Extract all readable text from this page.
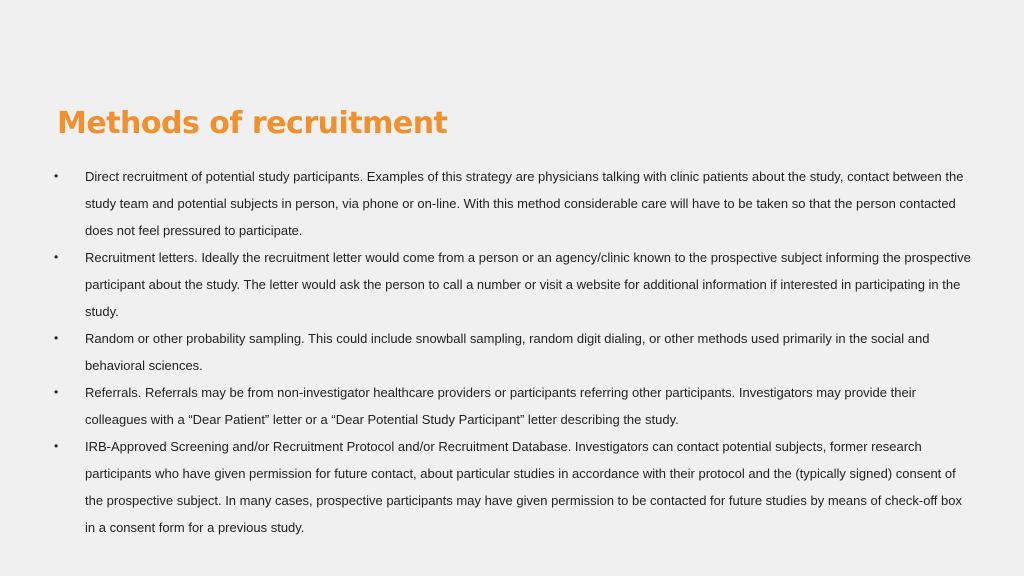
Methods of recruitment
•	Direct recruitment of potential study participants. Examples of this strategy are physicians talking with clinic patients about the study, contact between the study team and potential subjects in person, via phone or on-line. With this method considerable care will have to be taken so that the person contacted does not feel pressured to participate.
•	Recruitment letters. Ideally the recruitment letter would come from a person or an agency/clinic known to the prospective subject informing the prospective participant about the study. The letter would ask the person to call a number or visit a website for additional information if interested in participating in the study.
•	Random or other probability sampling. This could include snowball sampling, random digit dialing, or other methods used primarily in the social and behavioral sciences.
•	Referrals. Referrals may be from non-investigator healthcare providers or participants referring other participants. Investigators may provide their colleagues with a “Dear Patient” letter or a “Dear Potential Study Participant” letter describing the study.
•	IRB-Approved Screening and/or Recruitment Protocol and/or Recruitment Database. Investigators can contact potential subjects, former research participants who have given permission for future contact, about particular studies in accordance with their protocol and the (typically signed) consent of the prospective subject. In many cases, prospective participants may have given permission to be contacted for future studies by means of check-off box in a consent form for a previous study.
